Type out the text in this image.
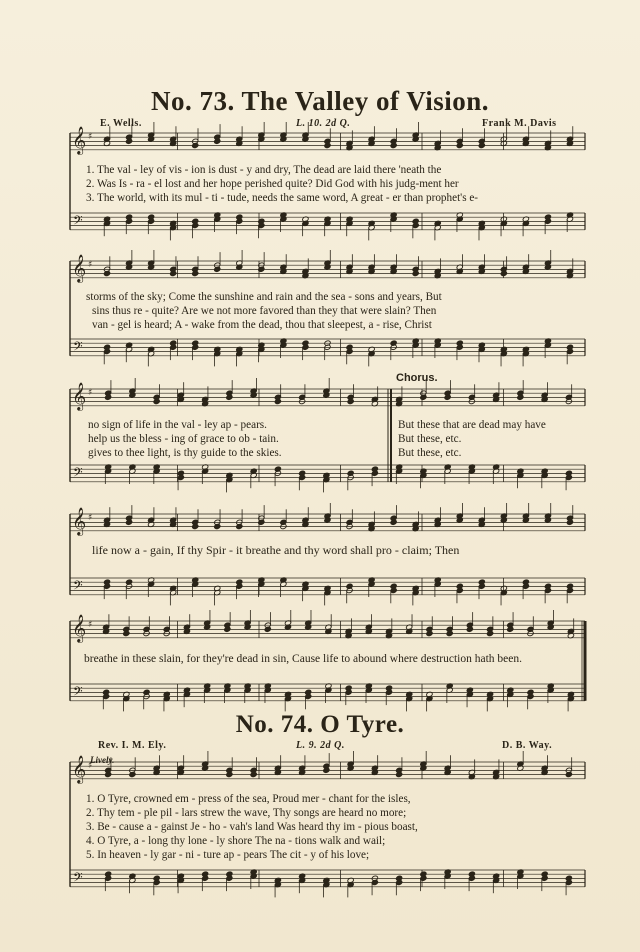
No. 73. The Valley of Vision.
E. Wells.	L. 10. 2d Q.	Frank M. Davis
𝄞
𝄢
♯
𝄞
𝄢
♯
𝄞
𝄢
♯
𝄞
𝄢
♯
𝄞
𝄢
♯
𝄞
𝄢
♯
1. The val - ley of vis - ion is dust - y and dry, The dead are laid there 'neath the
2. Was Is - ra - el lost and her hope perished quite? Did God with his judg-ment her
3. The world, with its mul - ti - tude, needs the same word, A great - er than prophet's e-
storms of the sky; Come the sunshine and rain and the sea - sons and years, But
sins thus re - quite? Are we not more favored than they that were slain? Then
van - gel is heard; A - wake from the dead, thou that sleepest, a - rise, Christ
Chorus.
no sign of life in the val - ley ap - pears.
help us the bless - ing of grace to ob - tain.
gives to thee light, is thy guide to the skies.
But these that are dead may have
But these, etc.
But these, etc.
life now a - gain, If thy Spir - it breathe and thy word shall pro - claim; Then
breathe in these slain, for they're dead in sin, Cause life to abound where destruction hath been.
No. 74. O Tyre.
Rev. I. M. Ely.	L. 9. 2d Q.	D. B. Way.
Lively.
1. O Tyre, crowned em - press of the sea, Proud mer - chant for the isles,
2. Thy tem - ple pil - lars strew the wave, Thy songs are heard no more;
3. Be - cause a - gainst Je - ho - vah's land Was heard thy im - pious boast,
4. O Tyre, a - long thy lone - ly shore The na - tions walk and wail;
5. In heaven - ly gar - ni - ture ap - pears The cit - y of his love;
